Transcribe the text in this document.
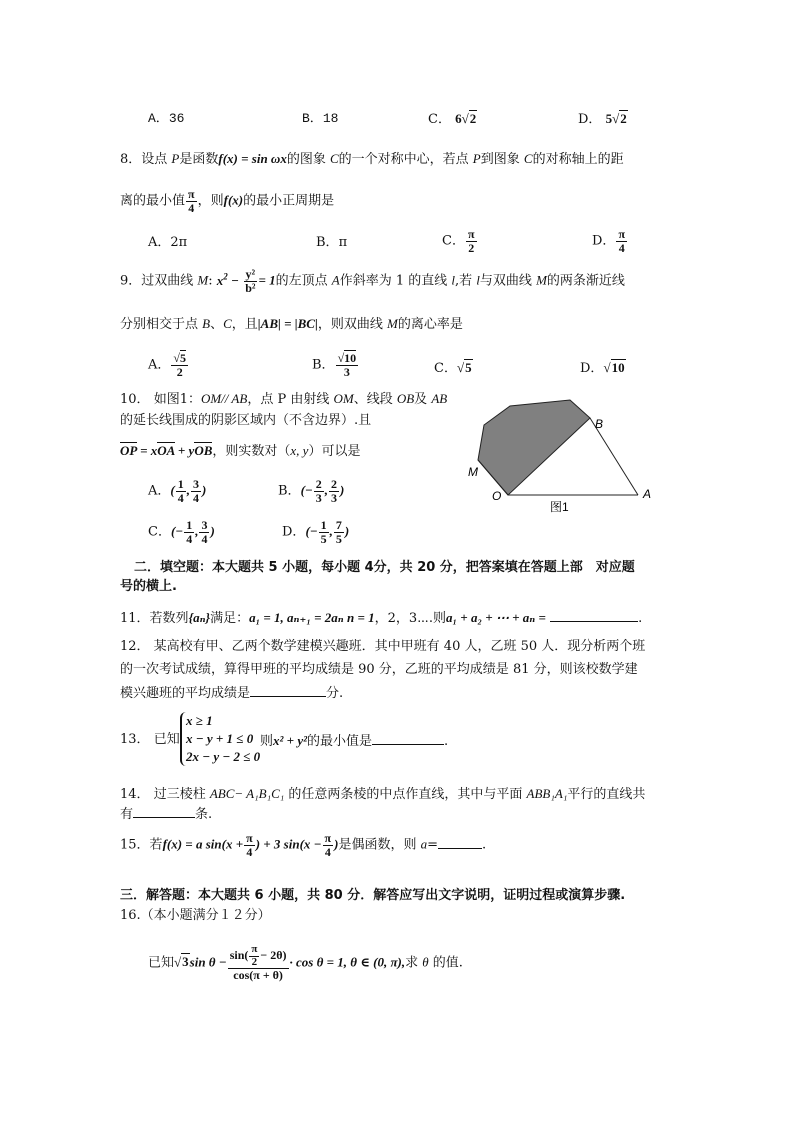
A．36	B．18	C． 6√2	D． 5√2
8．设点 P是函数f(x) = sin ωx的图象 C的一个对称中心，若点 P到图象 C的对称轴上的距
离的最小值 $\frac{\pi}{4}$ ，则f(x)的最小正周期是
A．2π	B．π	C． $\frac{\pi}{2}$	D． $\frac{\pi}{4}$
9．过双曲线 M: $x^2 - \frac{\text{y²}}{\text{b²}} = 1$的左顶点 A作斜率为 1 的直线 l,若 l与双曲线 M的两条渐近线
分别相交于点 B、C，且|AB| = |BC|，则双曲线 M的离心率是
A． $\frac{√5}{2}$	B． $\frac{√10}{3}$	C．√5	D．√10
10． 如图1：OM// AB，点 P 由射线 OM、线段 OB及 AB
的延长线围成的阴影区域内（不含边界）.且
OP = xOA + yOB，则实数对（x, y）可以是
A．( $\frac{1}{4}$ , $\frac{3}{4}$ )	B．(− $\frac{2}{3}$ , $\frac{2}{3}$ )
C．(− $\frac{1}{4}$ , $\frac{3}{4}$ )	D．(− $\frac{1}{5}$ , $\frac{7}{5}$ )
B
M
O	A
图1
二．填空题：本大题共 5 小题，每小题 4分，共 20 分，把答案填在答题上部　对应题
号的横上.
11．若数列{aₙ}满足：a₁ = 1, aₙ₊₁ = 2aₙ n = 1，2，3⋯.则a₁ + a₂ + ⋯ + aₙ =	.
12． 某高校有甲、乙两个数学建模兴趣班．其中甲班有 40 人，乙班 50 人．现分析两个班
的一次考试成绩，算得甲班的平均成绩是 90 分，乙班的平均成绩是 81 分，则该校数学建
模兴趣班的平均成绩是	分.
13． 已知
x ≥ 1
x − y + 1 ≤ 0
2x − y − 2 ≤ 0
则x² + y²的最小值是	.
14． 过三棱柱 ABC− A₁B₁C₁ 的任意两条棱的中点作直线，其中与平面 ABB₁A₁平行的直线共
有	条.
15．若f(x) = a $\sin(x + \frac{\pi}{4}$ ) + 3 $\sin(x - \frac{\pi}{4}$ )是偶函数，则 a=	.
三．解答题：本大题共 6 小题，共 80 分．解答应写出文字说明，证明过程或演算步骤.
16.（本小题满分１２分）
已知√3sin $\theta - \frac{\sin( \frac{\pi}{2} - 2\theta)}{\cos(\pi + \theta)} \cdot \cos \theta = 1$, θ ∈ (0, π),求 θ 的值.
